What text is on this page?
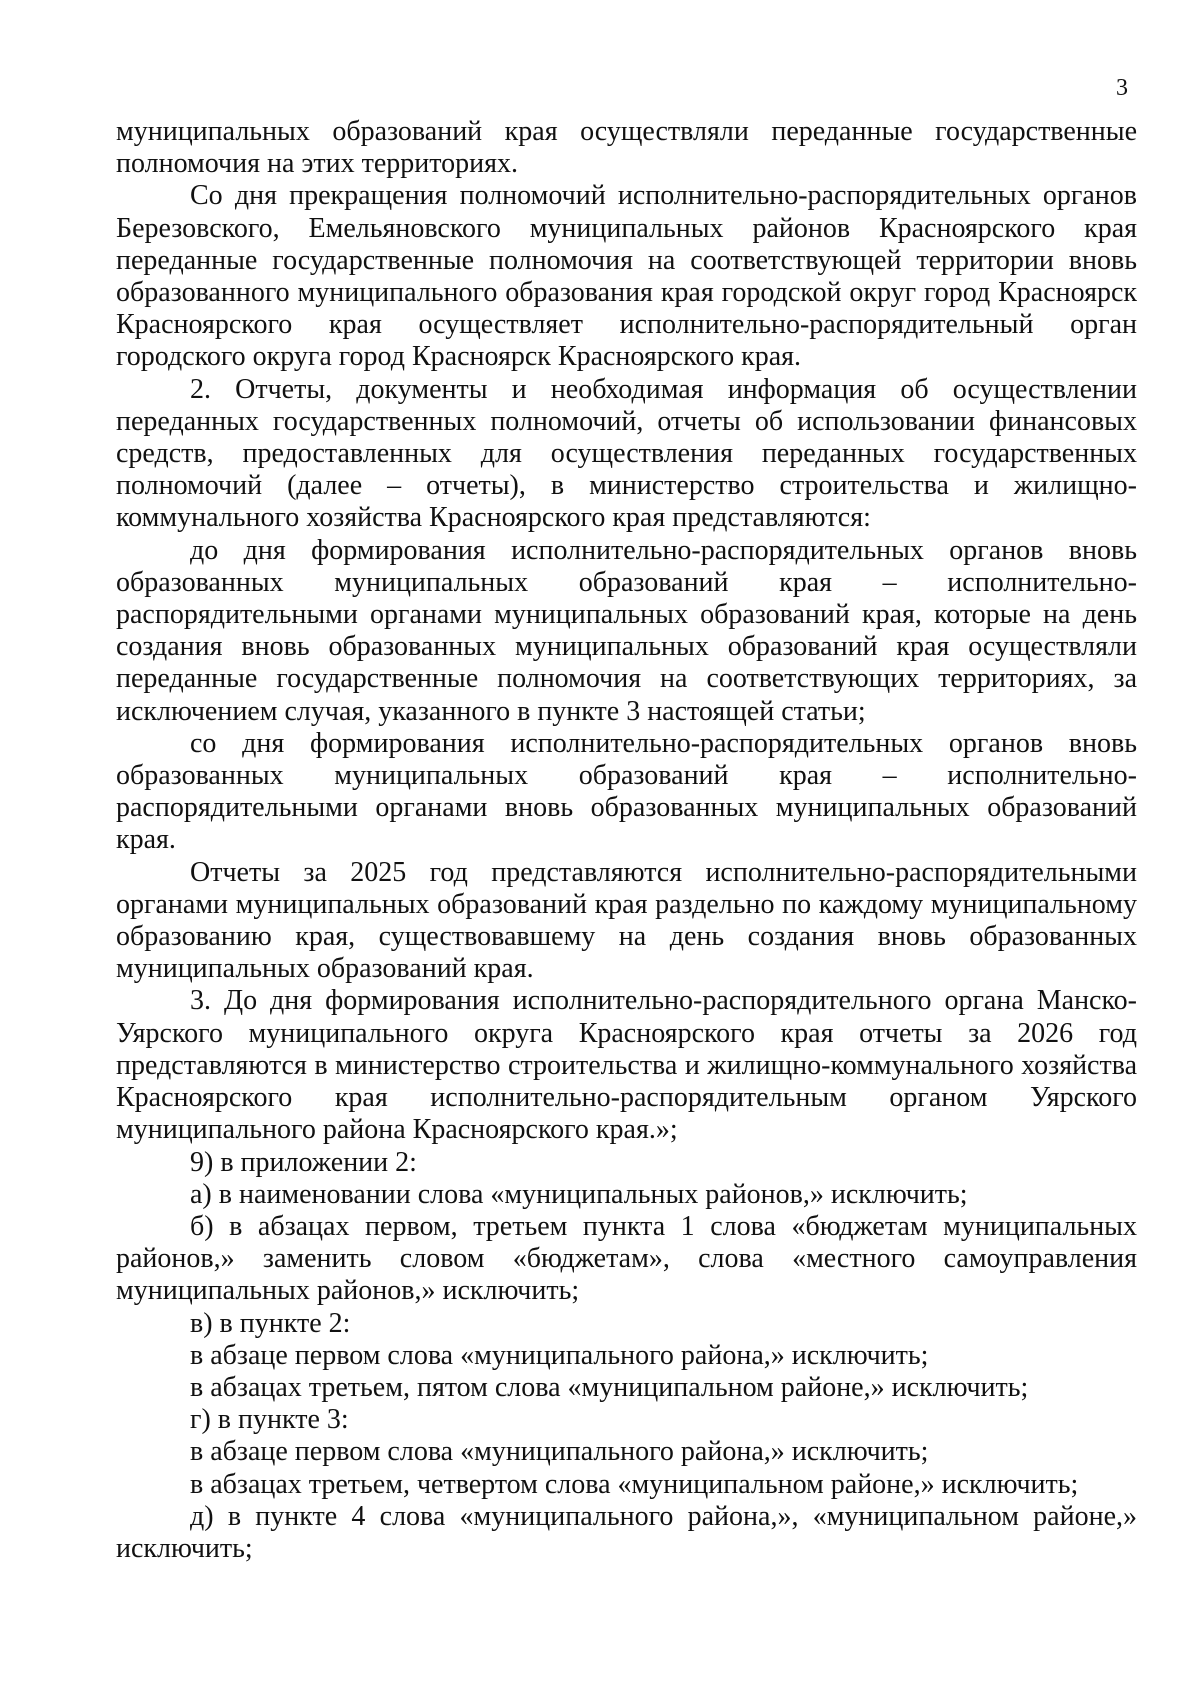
3

муниципальных образований края осуществляли переданные государственные полномочия на этих территориях.

Со дня прекращения полномочий исполнительно-распорядительных органов Березовского, Емельяновского муниципальных районов Красноярского края переданные государственные полномочия на соответствующей территории вновь образованного муниципального образования края городской округ город Красноярск Красноярского края осуществляет исполнительно-распорядительный орган городского округа город Красноярск Красноярского края.

2. Отчеты, документы и необходимая информация об осуществлении переданных государственных полномочий, отчеты об использовании финансовых средств, предоставленных для осуществления переданных государственных полномочий (далее – отчеты), в министерство строительства и жилищно-коммунального хозяйства Красноярского края представляются:

до дня формирования исполнительно-распорядительных органов вновь образованных муниципальных образований края – исполнительно-распорядительными органами муниципальных образований края, которые на день создания вновь образованных муниципальных образований края осуществляли переданные государственные полномочия на соответствующих территориях, за исключением случая, указанного в пункте 3 настоящей статьи;

со дня формирования исполнительно-распорядительных органов вновь образованных муниципальных образований края – исполнительно-распорядительными органами вновь образованных муниципальных образований края.

Отчеты за 2025 год представляются исполнительно-распорядительными органами муниципальных образований края раздельно по каждому муниципальному образованию края, существовавшему на день создания вновь образованных муниципальных образований края.

3. До дня формирования исполнительно-распорядительного органа Манско-Уярского муниципального округа Красноярского края отчеты за 2026 год представляются в министерство строительства и жилищно-коммунального хозяйства Красноярского края исполнительно-распорядительным органом Уярского муниципального района Красноярского края.»;

9) в приложении 2:

а) в наименовании слова «муниципальных районов,» исключить;

б) в абзацах первом, третьем пункта 1 слова «бюджетам муниципальных районов,» заменить словом «бюджетам», слова «местного самоуправления муниципальных районов,» исключить;

в) в пункте 2:

в абзаце первом слова «муниципального района,» исключить;

в абзацах третьем, пятом слова «муниципальном районе,» исключить;

г) в пункте 3:

в абзаце первом слова «муниципального района,» исключить;

в абзацах третьем, четвертом слова «муниципальном районе,» исключить;

д) в пункте 4 слова «муниципального района,», «муниципальном районе,» исключить;
